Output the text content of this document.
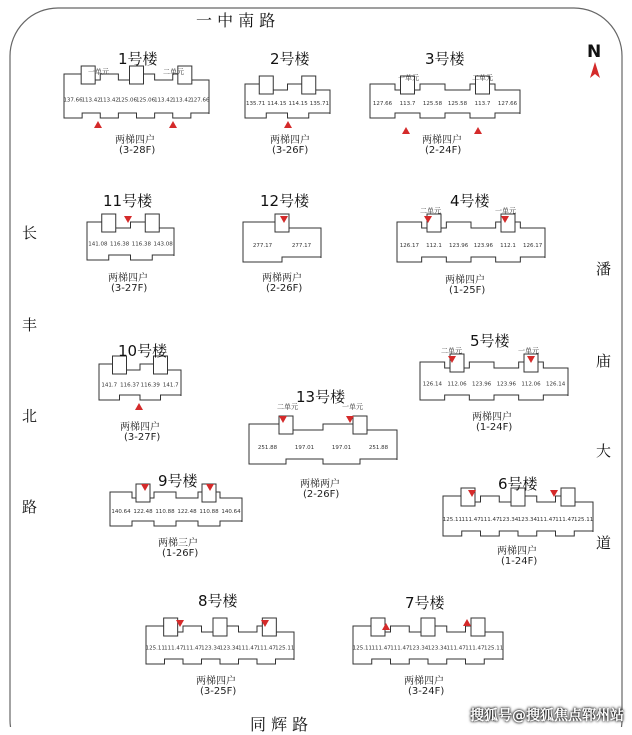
137.66
113.42
113.42
125.06
125.06
113.42
113.42
127.66
135.71 114.15 114.15 135.71	127.66 113.7 125.58 125.58 113.7 127.66
141.08 116.38 116.38 143.08	277.17	277.17	126.17 112.1 123.96 123.96 112.1 126.17
141.7 116.37 116.39 141.7	126.14 112.06 123.96 123.96 112.06 126.14
251.88	197.01	197.01	251.88
140.64 122.48 110.88 122.48 110.88 140.64
125.11 111.47 111.47 123.34 123.34 111.47 111.47 125.11
125.11 111.47 111.47 123.34 123.34 111.47 111.47 125.11	125.11 111.47 111.47 123.34 123.34 111.47 111.47 125.11
一 中 南 路
长
丰
北
路
潘
庙
大
道
同 辉 路
N
1号楼
一单元	二单元
两梯四户
(3-28F)
2号楼
两梯四户
(3-26F)
3号楼
一单元	二单元
两梯四户
(2-24F)
11号楼
两梯四户
(3-27F)
12号楼
两梯两户
(2-26F)
4号楼
二单元	一单元
两梯四户
(1-25F)
10号楼
两梯四户
(3-27F)
5号楼
二单元	一单元
两梯四户
(1-24F)
13号楼
二单元	一单元
两梯两户
(2-26F)
9号楼
两梯三户
(1-26F)
6号楼
两梯四户
(1-24F)
8号楼
两梯四户
(3-25F)
7号楼
两梯四户
(3-24F)
搜狐号@搜狐焦点郓州站
